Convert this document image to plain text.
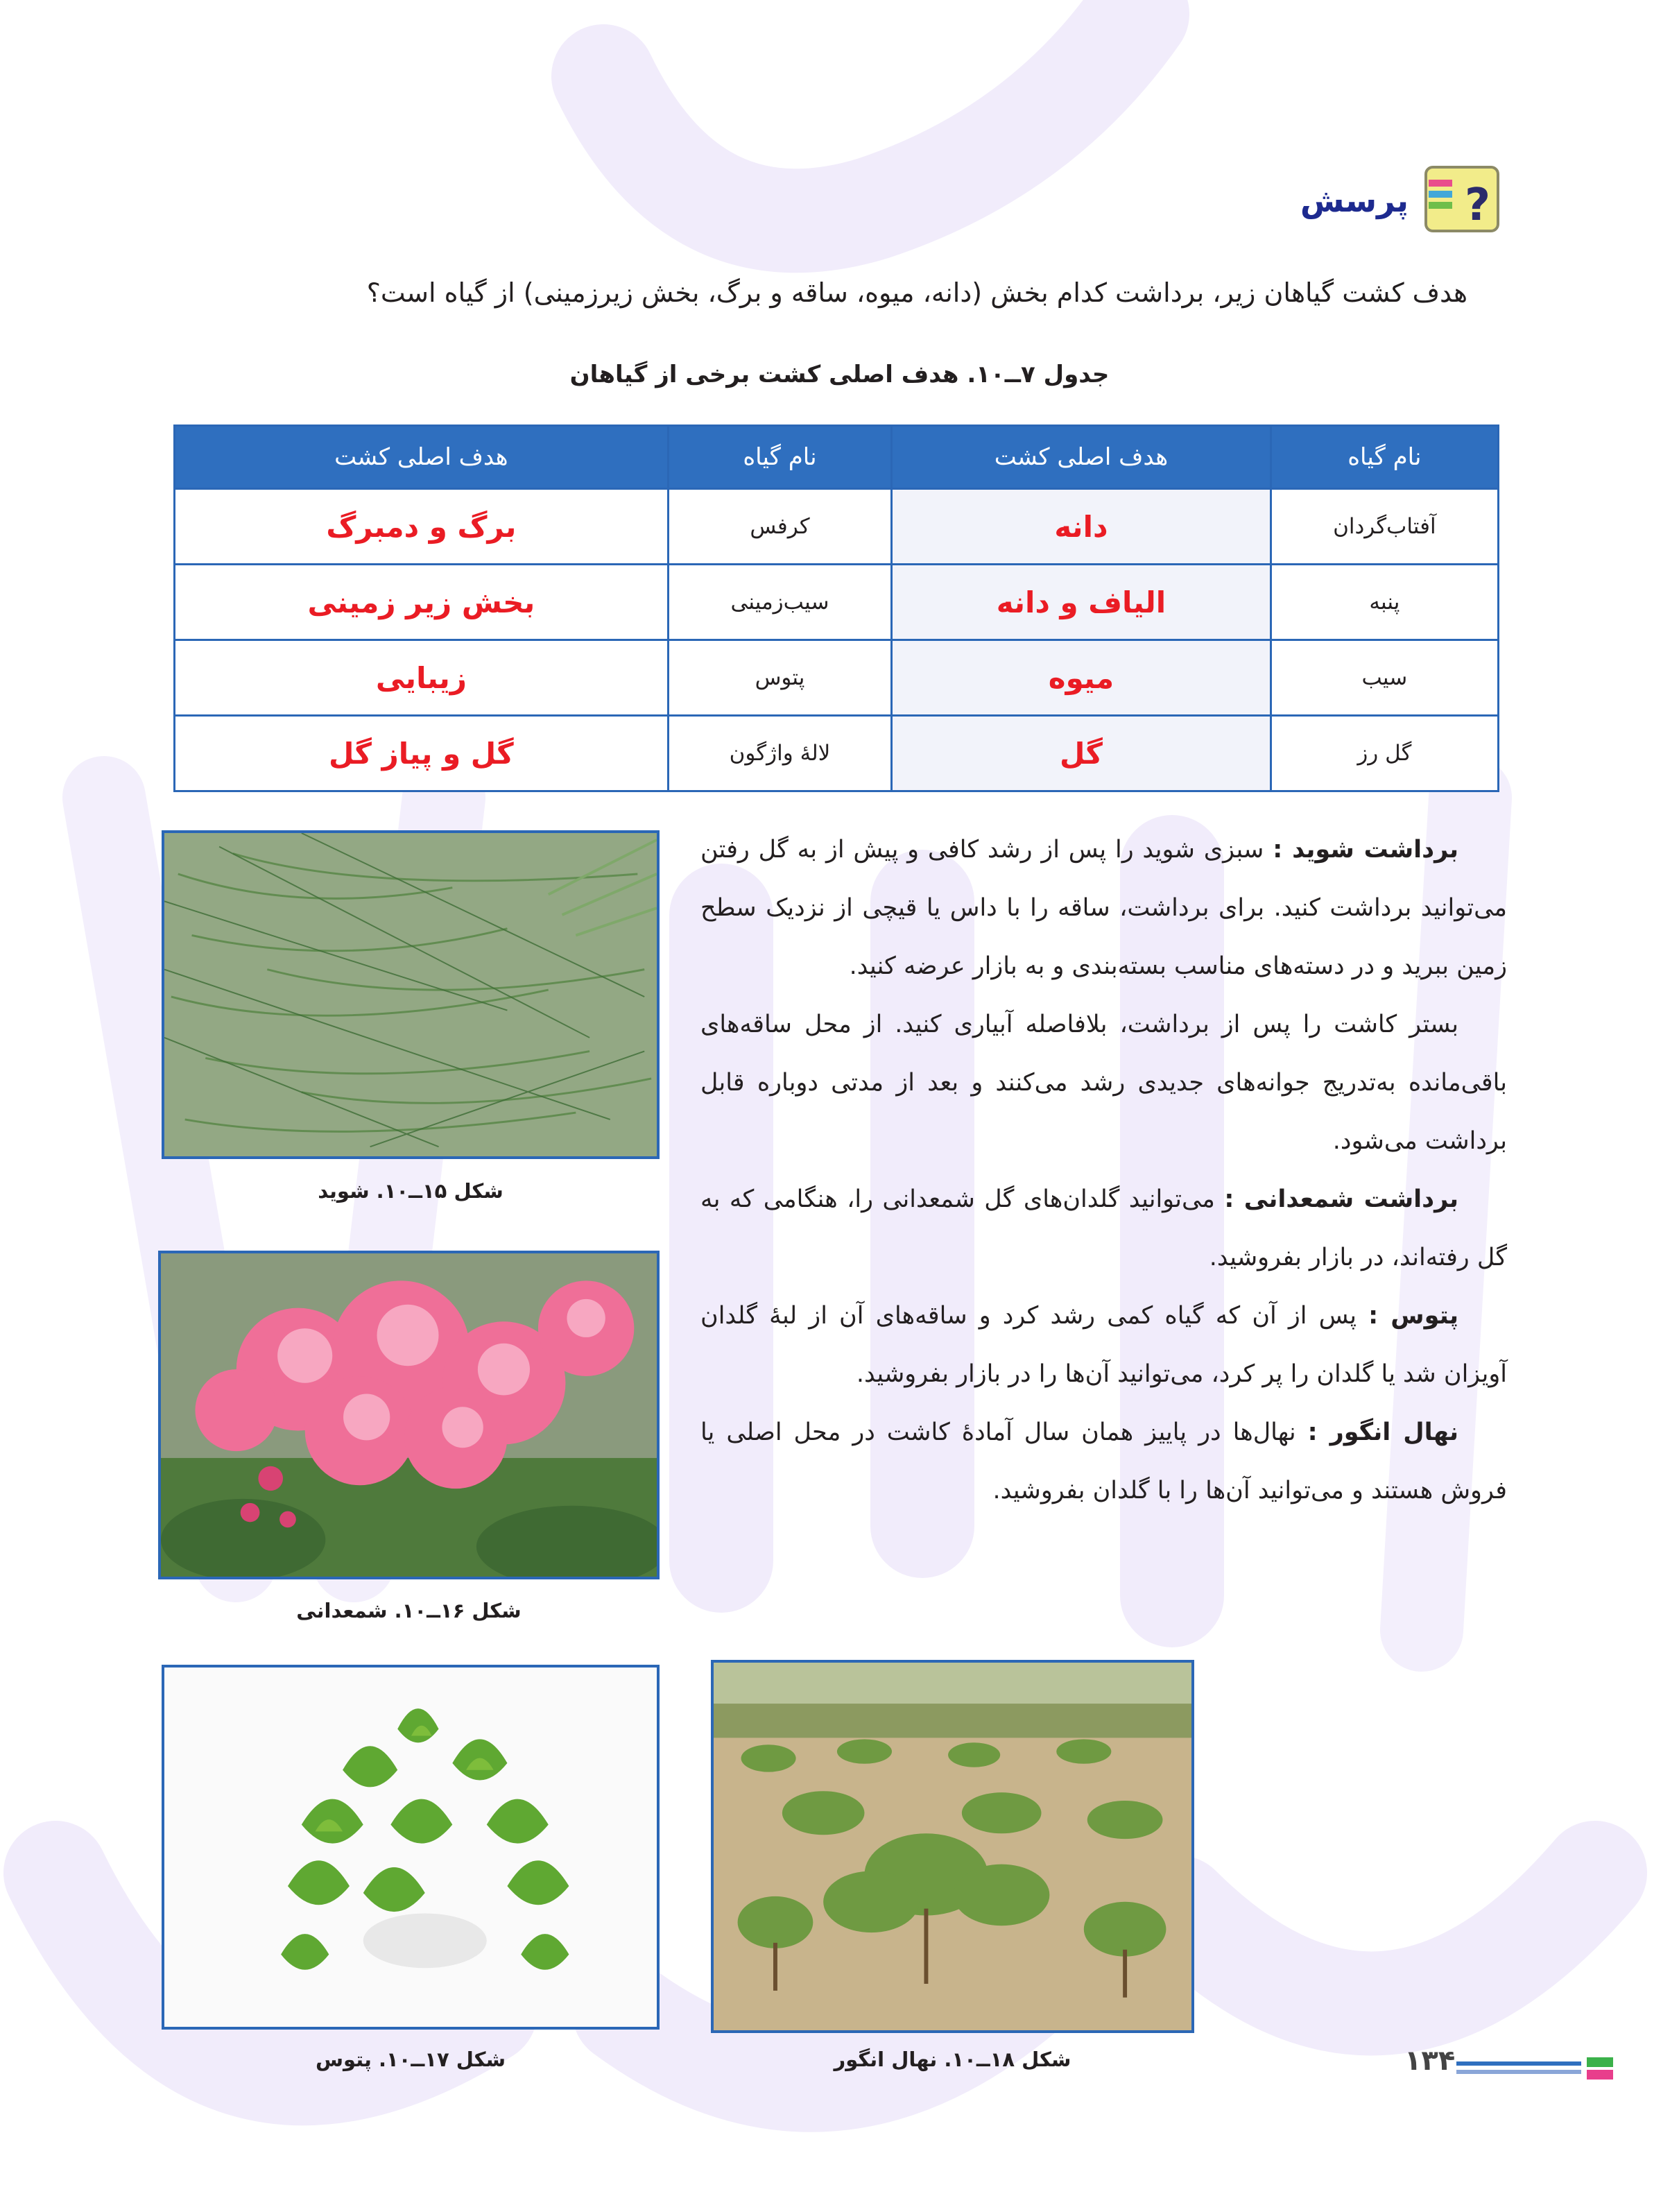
?
پرسش
هدف کشت گیاهان زیر، برداشت کدام بخش (دانه، میوه، ساقه و برگ، بخش زیرزمینی) از گیاه است؟
جدول ۷ــ۱۰. هدف اصلی کشت برخی از گیاهان
نام گیاه	هدف اصلی کشت	نام گیاه	هدف اصلی کشت
آفتاب‌گردان	دانه	کرفس	برگ و دمبرگ
پنبه	الیاف و دانه	سیب‌زمینی	بخش زیر زمینی
سیب	میوه	پتوس	زیبایی
گل رز	گل	لالۀ واژگون	گل و پیاز گل

برداشت شوید : سبزی شوید را پس از رشد کافی و پیش از به گل رفتن می‌توانید برداشت کنید. برای برداشت، ساقه را با داس یا قیچی از نزدیک سطح زمین ببرید و در دسته‌های مناسب بسته‌بندی و به بازار عرضه کنید.

بستر کاشت را پس از برداشت، بلافاصله آبیاری کنید. از محل ساقه‌های باقی‌مانده به‌تدریج جوانه‌های جدیدی رشد می‌کنند و بعد از مدتی دوباره قابل برداشت می‌شود.

برداشت شمعدانی : می‌توانید گلدان‌های گل شمعدانی را، هنگامی که به گل رفته‌اند، در بازار بفروشید.

پتوس : پس از آن که گیاه کمی رشد کرد و ساقه‌های آن از لبۀ گلدان آویزان شد یا گلدان را پر کرد، می‌توانید آن‌ها را در بازار بفروشید.

نهال انگور : نهال‌ها در پاییز همان سال آمادۀ کاشت در محل اصلی یا فروش هستند و می‌توانید آن‌ها را با گلدان بفروشید.

شکل ۱۵ــ۱۰. شوید
شکل ۱۶ــ۱۰. شمعدانی
شکل ۱۷ــ۱۰. پتوس	شکل ۱۸ــ۱۰. نهال انگور	۱۳۴
